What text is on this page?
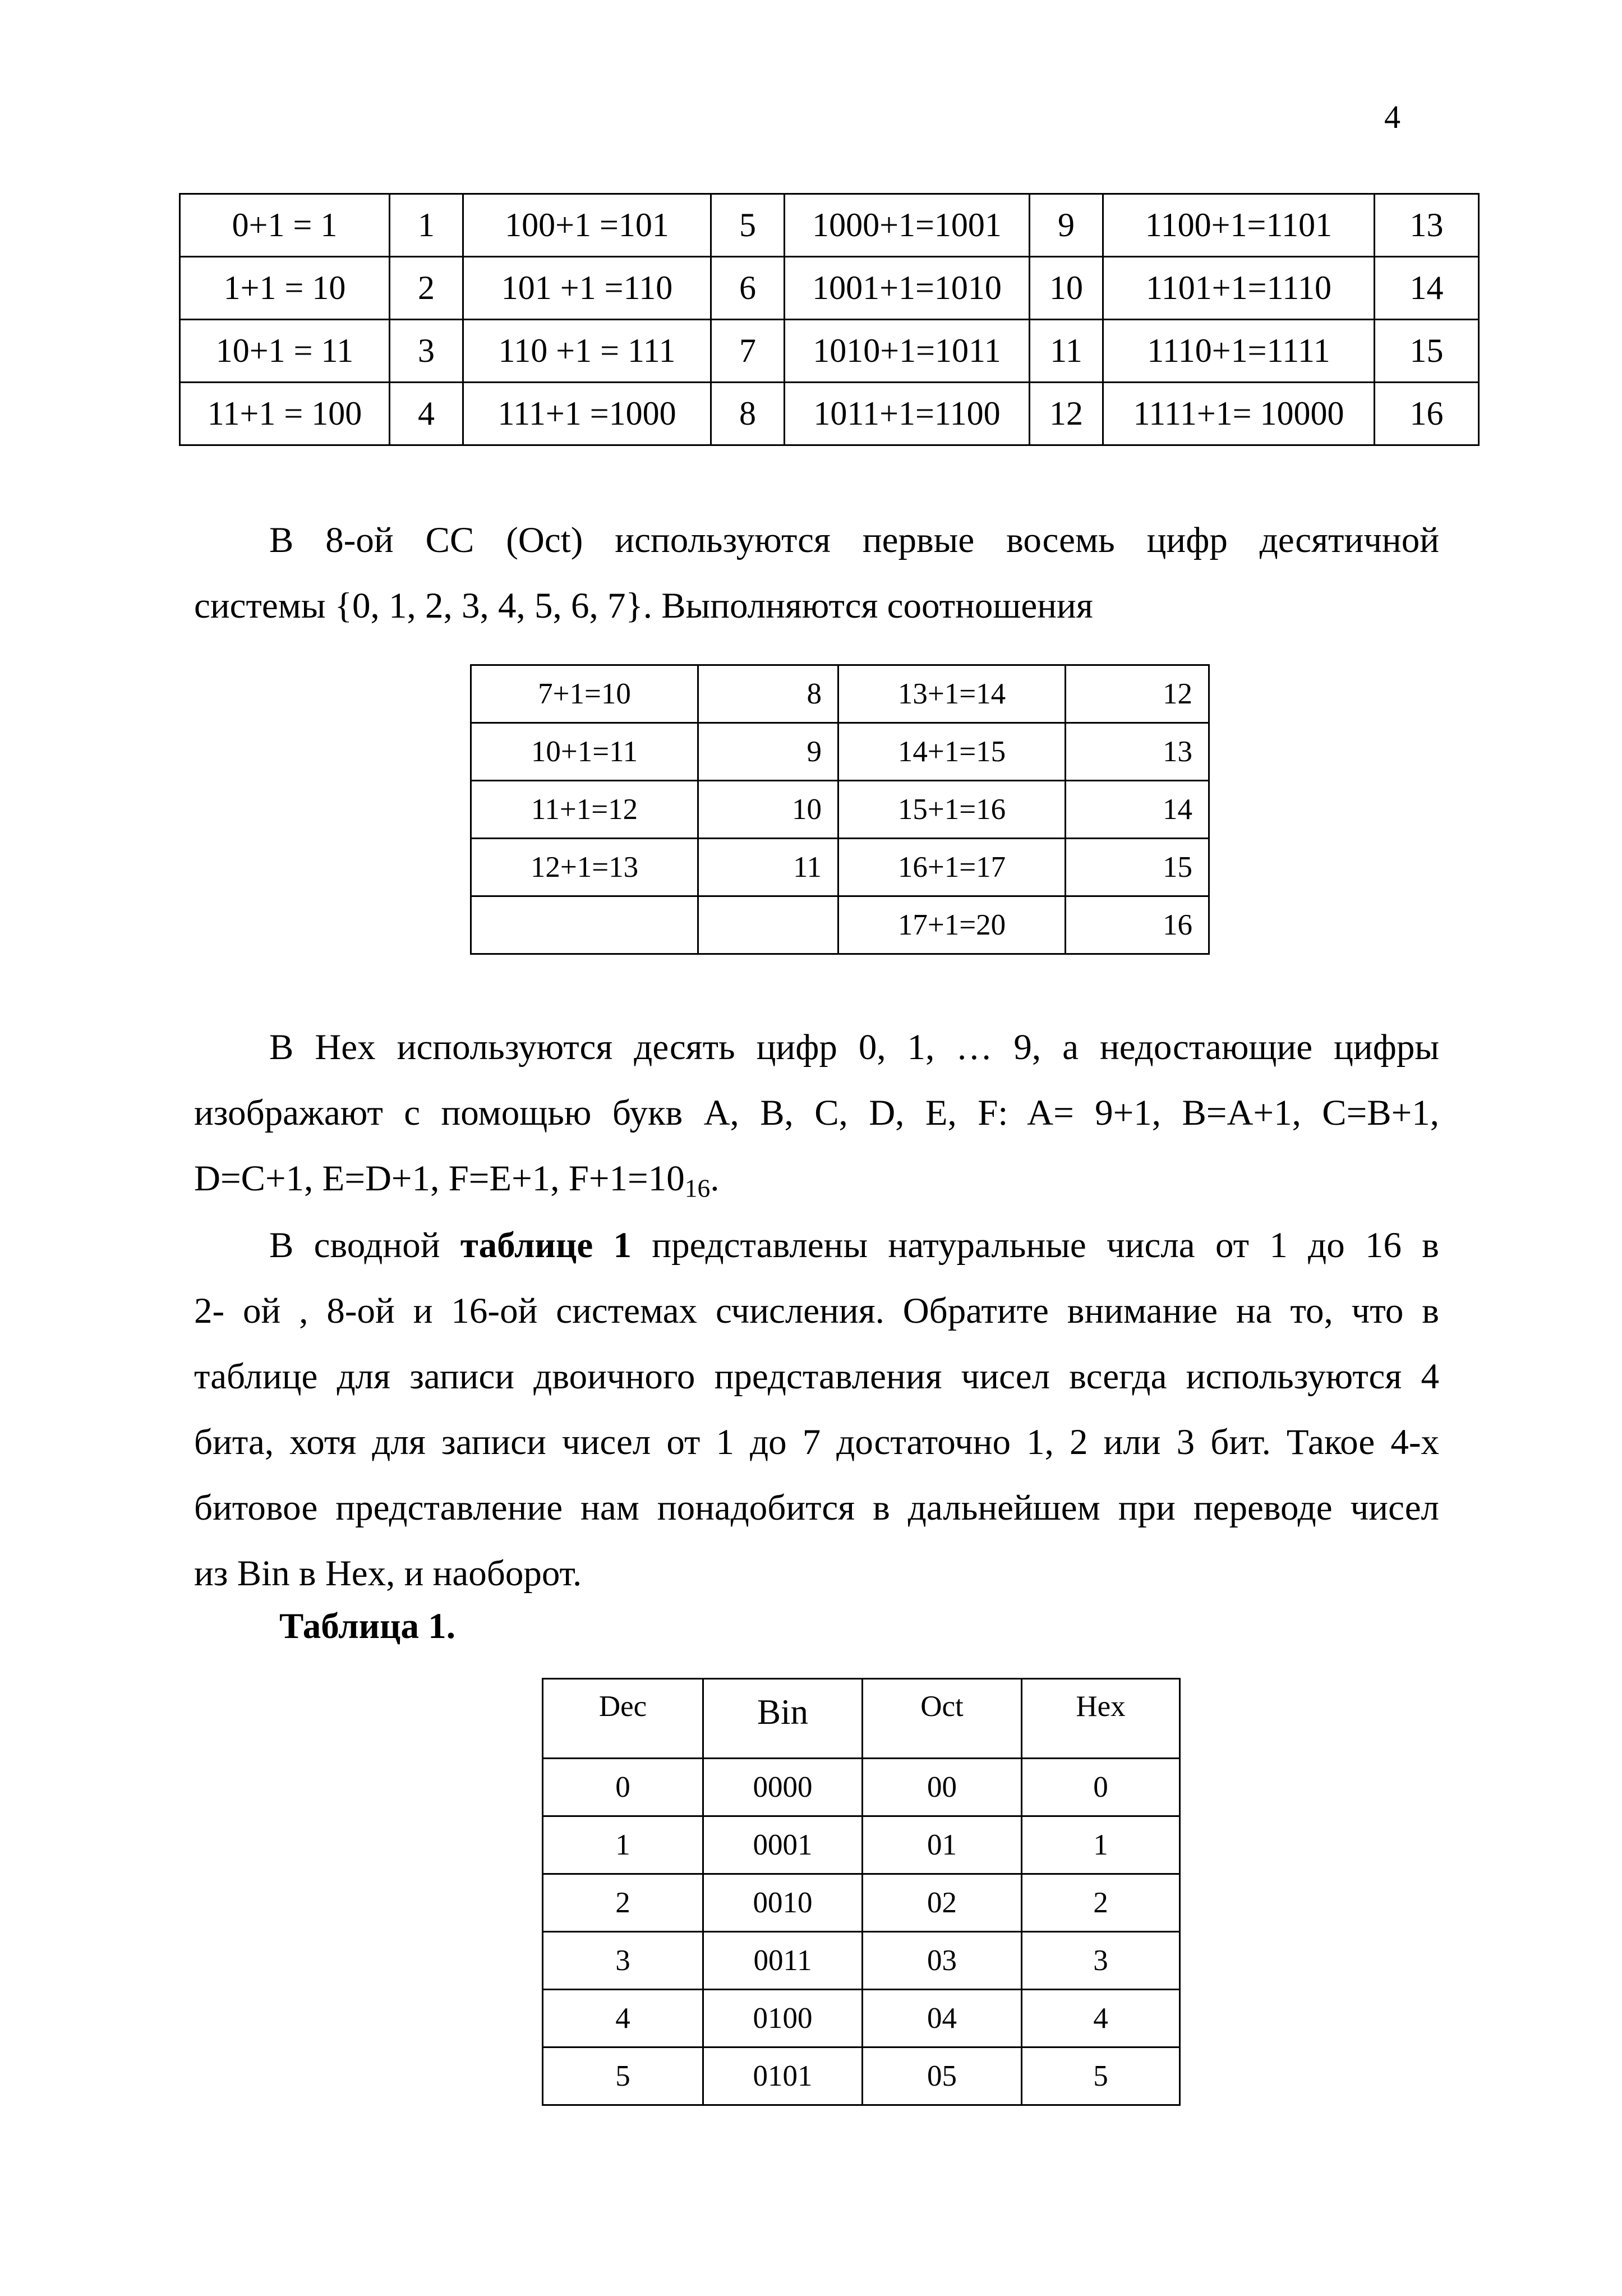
4
0+1 = 1	1	100+1 =101	5	1000+1=1001	9	1100+1=1101	13
1+1 = 10	2	101 +1 =110	6	1001+1=1010	10	1101+1=1110	14
10+1 = 11	3	110 +1 = 111	7	1010+1=1011	11	1110+1=1111	15
11+1 = 100	4	111+1 =1000	8	1011+1=1100	12	1111+1= 10000	16
В 8-ой СС (Oct) используются первые восемь цифр десятичной
системы {0, 1, 2, 3, 4, 5, 6, 7}. Выполняются соотношения
7+1=10	8	13+1=14	12
10+1=11	9	14+1=15	13
11+1=12	10	15+1=16	14
12+1=13	11	16+1=17	15
		17+1=20	16
В Hex используются десять цифр 0, 1, … 9, а недостающие цифры
изображают с помощью букв A, B, C, D, E, F: A= 9+1, B=A+1, C=B+1,
D=C+1, E=D+1, F=E+1, $F+1=10_{16}$.
В сводной таблице 1 представлены натуральные числа от 1 до 16 в
2- ой , 8-ой и 16-ой системах счисления. Обратите внимание на то, что в
таблице для записи двоичного представления чисел всегда используются 4
бита, хотя для записи чисел от 1 до 7 достаточно 1, 2 или 3 бит. Такое 4-х
битовое представление нам понадобится в дальнейшем при переводе чисел
из Bin в Hex, и наоборот.
Таблица 1.
Dec	Bin	Oct	Hex
0	0000	00	0
1	0001	01	1
2	0010	02	2
3	0011	03	3
4	0100	04	4
5	0101	05	5
